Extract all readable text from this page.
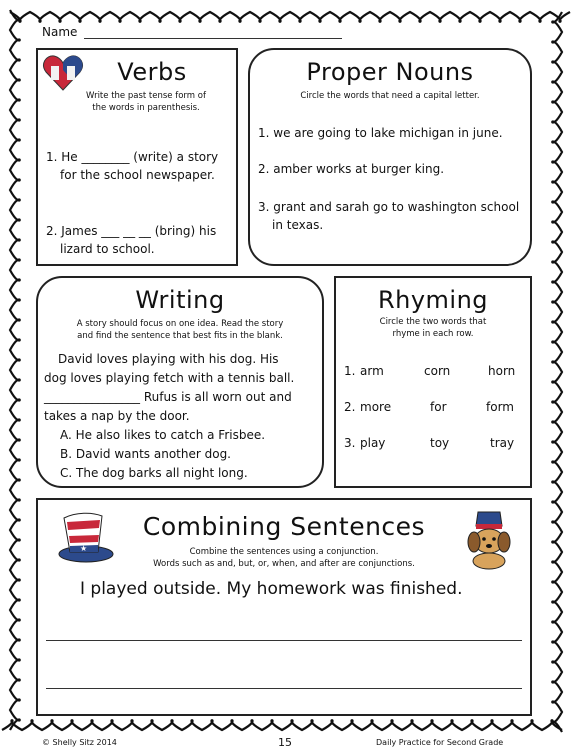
Name
Verbs
Write the past tense form of
the words in parenthesis.
1. He ________ (write) a story
for the school newspaper.
2. James ___ __ __ (bring) his
lizard to school.
Proper Nouns
Circle the words that need a capital letter.
1. we are going to lake michigan in june.
2. amber works at burger king.
3. grant and sarah go to washington school
in texas.
Writing
A story should focus on one idea. Read the story
and find the sentence that best fits in the blank.
David loves playing with his dog. His
dog loves playing fetch with a tennis ball.
________________ Rufus is all worn out and
takes a nap by the door.
A. He also likes to catch a Frisbee.
B. David wants another dog.
C. The dog barks all night long.
Rhyming
Circle the two words that
rhyme in each row.
1. arm	corn	horn
2. more	for	form
3. play	toy	tray
★
Combining Sentences
Combine the sentences using a conjunction.
Words such as and, but, or, when, and after are conjunctions.
I played outside. My homework was finished.
© Shelly Sitz 2014	15	Daily Practice for Second Grade
